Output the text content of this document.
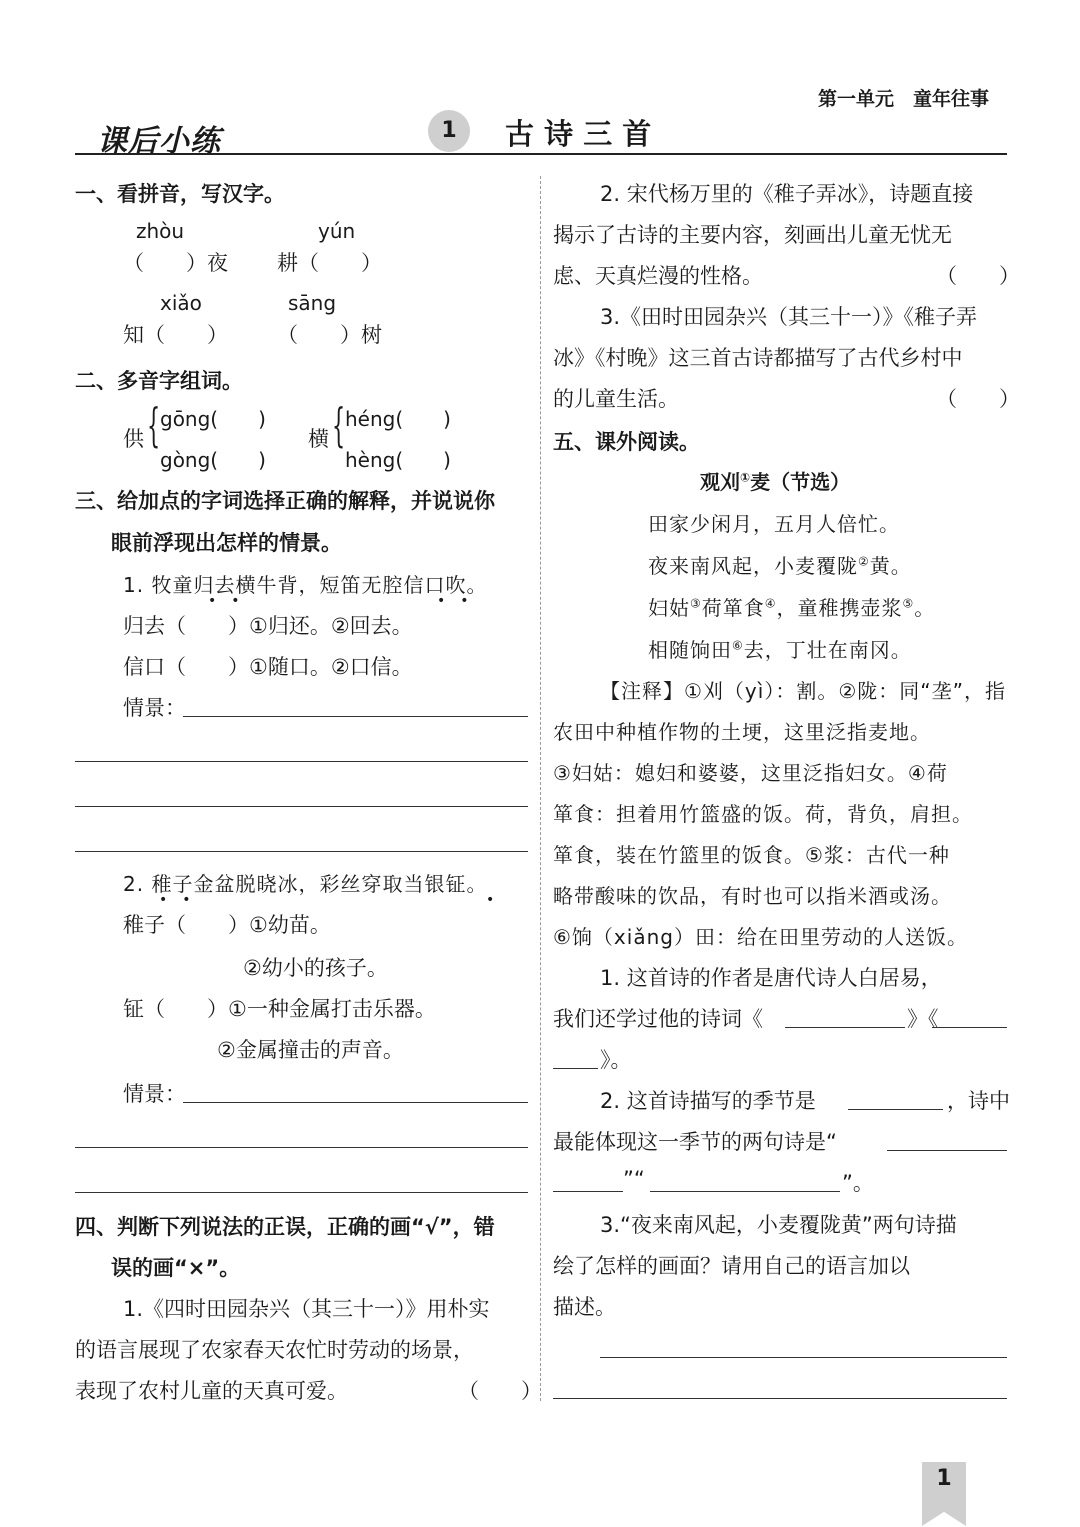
第一单元　童年往事
课后小练	1	古 诗 三 首
一、看拼音，写汉字。
zhòu	yún
（　　）夜 耕（　　）
xiǎo	sāng
知（　　） （　　）树
二、多音字组词。
供 { gōng(　　)
gòng(　　)
横 { héng(　　)
hèng(　　)
三、给加点的字词选择正确的解释，并说说你
眼前浮现出怎样的情景。
1. 牧童归去横牛背，短笛无腔信口吹。
••	••
归去（　　）①归还。②回去。
信口（　　）①随口。②口信。
情景：
2. 稚子金盆脱晓冰，彩丝穿取当银钲。
••	•
稚子（　　）①幼苗。
②幼小的孩子。
钲（　　）①一种金属打击乐器。
②金属撞击的声音。
情景：
四、判断下列说法的正误，正确的画“√”，错
误的画“×”。
1.《四时田园杂兴（其三十一）》用朴实
的语言展现了农家春天农忙时劳动的场景，
表现了农村儿童的天真可爱。	（　　）
2. 宋代杨万里的《稚子弄冰》，诗题直接
揭示了古诗的主要内容，刻画出儿童无忧无
虑、天真烂漫的性格。	（　　）
3.《田时田园杂兴（其三十一）》《稚子弄
冰》《村晚》这三首古诗都描写了古代乡村中
的儿童生活。	（　　）
五、课外阅读。
观刈①麦（节选）
田家少闲月，五月人倍忙。
夜来南风起，小麦覆陇②黄。
妇姑③荷箪食④，童稚携壶浆⑤。
相随饷田⑥去，丁壮在南冈。
【注释】①刈（yì）：割。②陇：同“垄”，指
农田中种植作物的土埂，这里泛指麦地。
③妇姑：媳妇和婆婆，这里泛指妇女。④荷
箪食：担着用竹篮盛的饭。荷，背负，肩担。
箪食，装在竹篮里的饭食。⑤浆：古代一种
略带酸味的饮品，有时也可以指米酒或汤。
⑥饷（xiǎng）田：给在田里劳动的人送饭。
1. 这首诗的作者是唐代诗人白居易，
我们还学过他的诗词《	》《
》。
2. 这首诗描写的季节是	，诗中
最能体现这一季节的两句诗是“
”“	”。
3.“夜来南风起，小麦覆陇黄”两句诗描
绘了怎样的画面？请用自己的语言加以
描述。
1
